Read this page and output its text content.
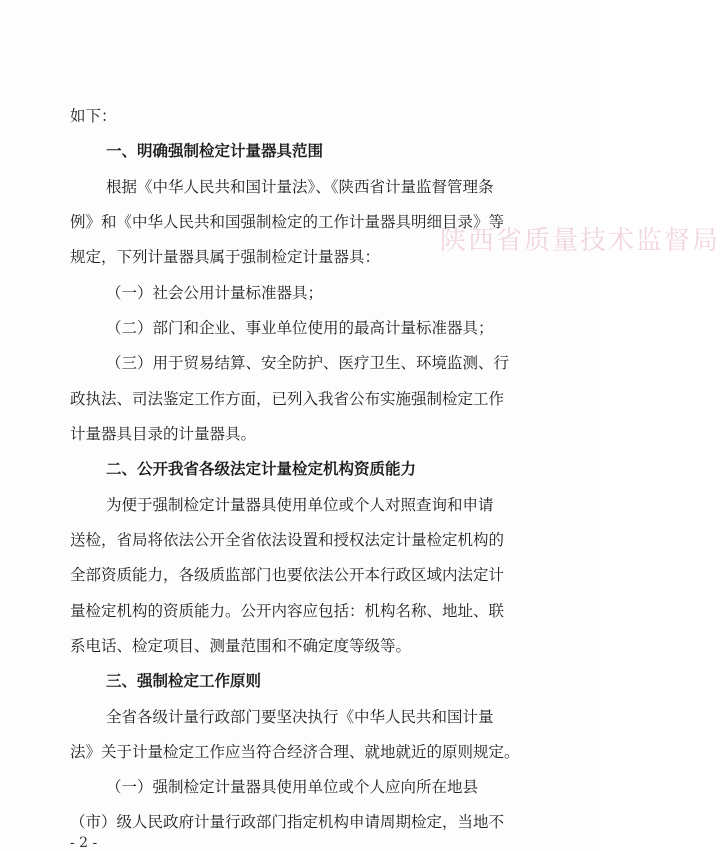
陕西省质量技术监督局
如下：
一、明确强制检定计量器具范围
根据《中华人民共和国计量法》、《陕西省计量监督管理条
例》和《中华人民共和国强制检定的工作计量器具明细目录》等
规定，下列计量器具属于强制检定计量器具：
（一）社会公用计量标准器具；
（二）部门和企业、事业单位使用的最高计量标准器具；
（三）用于贸易结算、安全防护、医疗卫生、环境监测、行
政执法、司法鉴定工作方面，已列入我省公布实施强制检定工作
计量器具目录的计量器具。
二、公开我省各级法定计量检定机构资质能力
为便于强制检定计量器具使用单位或个人对照查询和申请
送检，省局将依法公开全省依法设置和授权法定计量检定机构的
全部资质能力，各级质监部门也要依法公开本行政区域内法定计
量检定机构的资质能力。公开内容应包括：机构名称、地址、联
系电话、检定项目、测量范围和不确定度等级等。
三、强制检定工作原则
全省各级计量行政部门要坚决执行《中华人民共和国计量
法》关于计量检定工作应当符合经济合理、就地就近的原则规定。
（一）强制检定计量器具使用单位或个人应向所在地县
（市）级人民政府计量行政部门指定机构申请周期检定，当地不
- 2 -
